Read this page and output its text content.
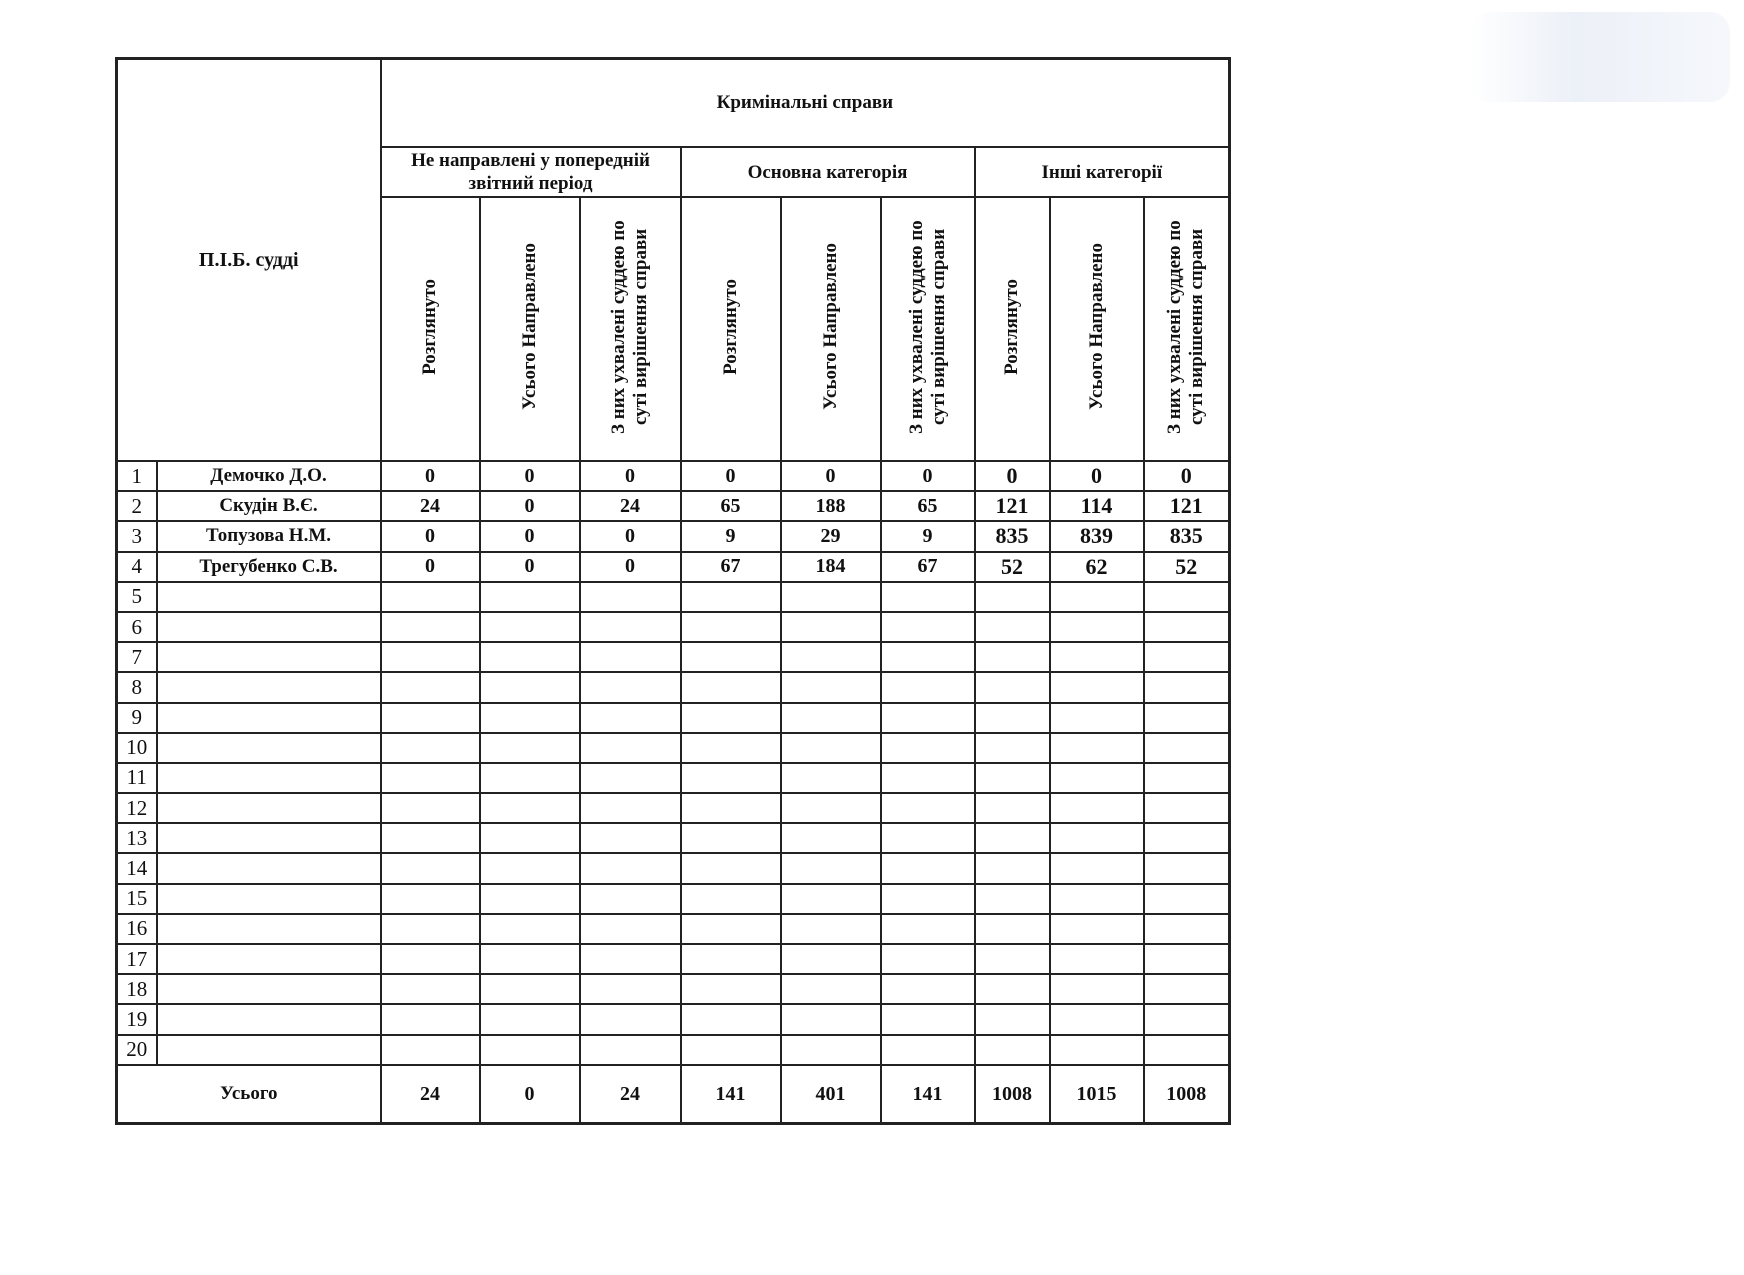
П.І.Б. судді		Кримінальні справи								
		Не направлені у попередній звітний період			Основна категорія			Інші категорії		
		Розглянуто	Усього Направлено	З них ухвалені суддею по суті вирішення справи	Розглянуто	Усього Направлено	З них ухвалені суддею по суті вирішення справи	Розглянуто	Усього Направлено	З них ухвалені суддею по суті вирішення справи
1	Демочко Д.О.	0	0	0	0	0	0	0	0	0
2	Скудін В.Є.	24	0	24	65	188	65	121	114	121
3	Топузова Н.М.	0	0	0	9	29	9	835	839	835
4	Трегубенко С.В.	0	0	0	67	184	67	52	62	52
5										
6										
7										
8										
9										
10										
11										
12										
13										
14										
15										
16										
17										
18										
19										
20										
Усього		24	0	24	141	401	141	1008	1015	1008
